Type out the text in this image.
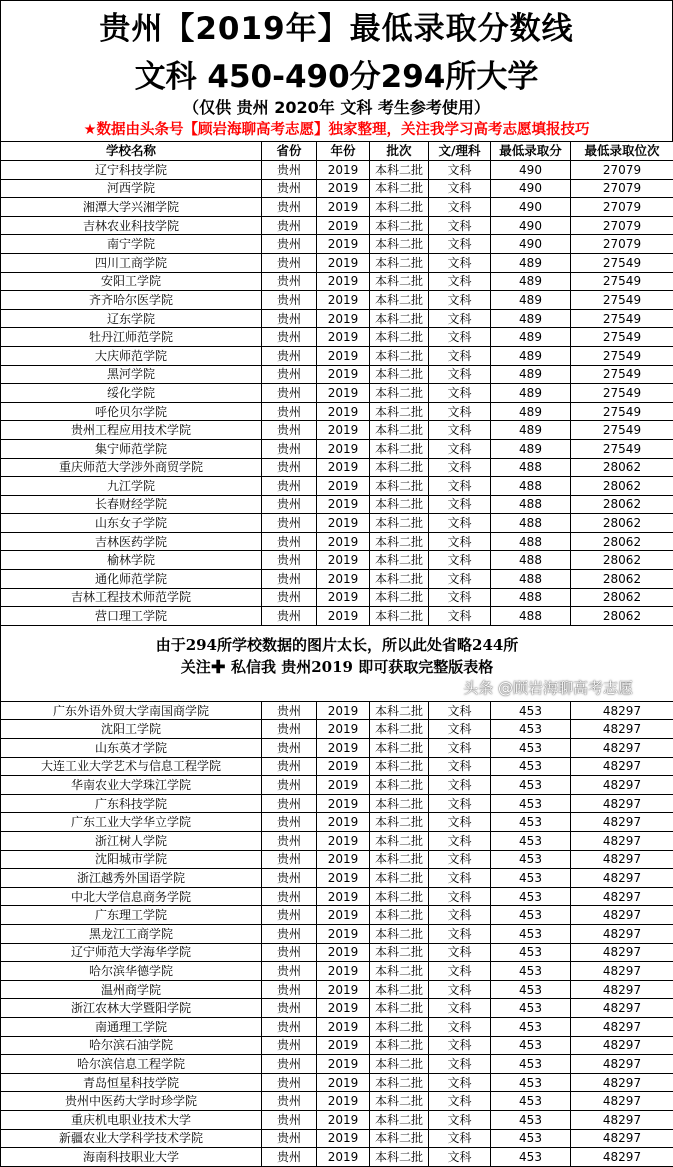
贵州【2019年】最低录取分数线
文科 450-490分294所大学
（仅供 贵州 2020年 文科 考生参考使用）
★数据由头条号【顾岩海聊高考志愿】独家整理，关注我学习高考志愿填报技巧
学校名称	省份	年份	批次	文/理科	最低录取分	最低录取位次
辽宁科技学院	贵州	2019	本科二批	文科	490	27079
河西学院	贵州	2019	本科二批	文科	490	27079
湘潭大学兴湘学院	贵州	2019	本科二批	文科	490	27079
吉林农业科技学院	贵州	2019	本科二批	文科	490	27079
南宁学院	贵州	2019	本科二批	文科	490	27079
四川工商学院	贵州	2019	本科二批	文科	489	27549
安阳工学院	贵州	2019	本科二批	文科	489	27549
齐齐哈尔医学院	贵州	2019	本科二批	文科	489	27549
辽东学院	贵州	2019	本科二批	文科	489	27549
牡丹江师范学院	贵州	2019	本科二批	文科	489	27549
大庆师范学院	贵州	2019	本科二批	文科	489	27549
黑河学院	贵州	2019	本科二批	文科	489	27549
绥化学院	贵州	2019	本科二批	文科	489	27549
呼伦贝尔学院	贵州	2019	本科二批	文科	489	27549
贵州工程应用技术学院	贵州	2019	本科二批	文科	489	27549
集宁师范学院	贵州	2019	本科二批	文科	489	27549
重庆师范大学涉外商贸学院	贵州	2019	本科二批	文科	488	28062
九江学院	贵州	2019	本科二批	文科	488	28062
长春财经学院	贵州	2019	本科二批	文科	488	28062
山东女子学院	贵州	2019	本科二批	文科	488	28062
吉林医药学院	贵州	2019	本科二批	文科	488	28062
榆林学院	贵州	2019	本科二批	文科	488	28062
通化师范学院	贵州	2019	本科二批	文科	488	28062
吉林工程技术师范学院	贵州	2019	本科二批	文科	488	28062
营口理工学院	贵州	2019	本科二批	文科	488	28062

由于294所学校数据的图片太长，所以此处省略244所
关注✚ 私信我 贵州2019 即可获取完整版表格
头条 @顾岩海聊高考志愿						

广东外语外贸大学南国商学院	贵州	2019	本科二批	文科	453	48297
沈阳工学院	贵州	2019	本科二批	文科	453	48297
山东英才学院	贵州	2019	本科二批	文科	453	48297
大连工业大学艺术与信息工程学院	贵州	2019	本科二批	文科	453	48297
华南农业大学珠江学院	贵州	2019	本科二批	文科	453	48297
广东科技学院	贵州	2019	本科二批	文科	453	48297
广东工业大学华立学院	贵州	2019	本科二批	文科	453	48297
浙江树人学院	贵州	2019	本科二批	文科	453	48297
沈阳城市学院	贵州	2019	本科二批	文科	453	48297
浙江越秀外国语学院	贵州	2019	本科二批	文科	453	48297
中北大学信息商务学院	贵州	2019	本科二批	文科	453	48297
广东理工学院	贵州	2019	本科二批	文科	453	48297
黑龙江工商学院	贵州	2019	本科二批	文科	453	48297
辽宁师范大学海华学院	贵州	2019	本科二批	文科	453	48297
哈尔滨华德学院	贵州	2019	本科二批	文科	453	48297
温州商学院	贵州	2019	本科二批	文科	453	48297
浙江农林大学暨阳学院	贵州	2019	本科二批	文科	453	48297
南通理工学院	贵州	2019	本科二批	文科	453	48297
哈尔滨石油学院	贵州	2019	本科二批	文科	453	48297
哈尔滨信息工程学院	贵州	2019	本科二批	文科	453	48297
青岛恒星科技学院	贵州	2019	本科二批	文科	453	48297
贵州中医药大学时珍学院	贵州	2019	本科二批	文科	453	48297
重庆机电职业技术大学	贵州	2019	本科二批	文科	453	48297
新疆农业大学科学技术学院	贵州	2019	本科二批	文科	453	48297
海南科技职业大学	贵州	2019	本科二批	文科	453	48297
